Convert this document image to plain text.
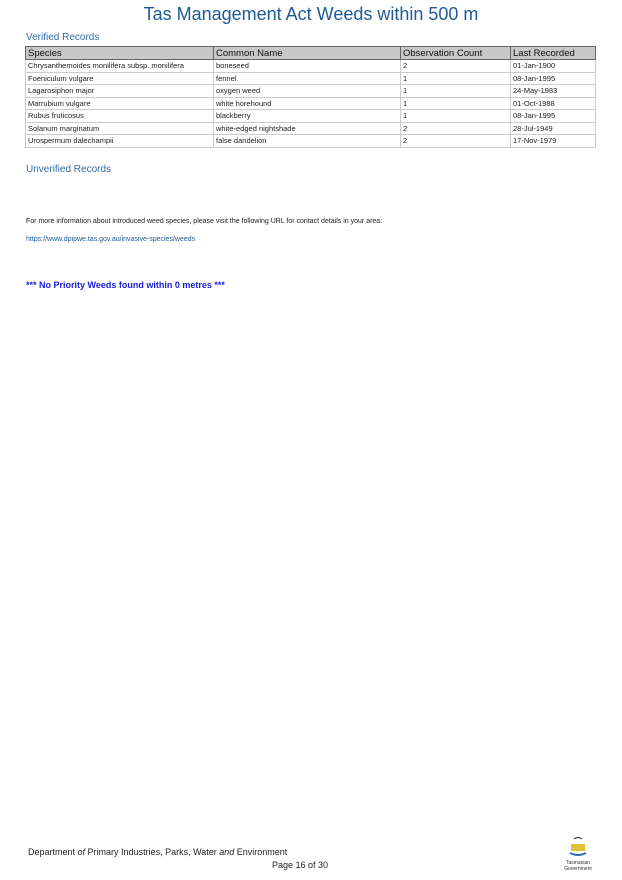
Tas Management Act Weeds within 500 m
Verified Records
Species	Common Name	Observation Count	Last Recorded
Chrysanthemoides monilifera subsp. monilifera	boneseed	2	01-Jan-1900
Foeniculum vulgare	fennel	1	08-Jan-1995
Lagarosiphon major	oxygen weed	1	24-May-1983
Marrubium vulgare	white horehound	1	01-Oct-1988
Rubus fruticosus	blackberry	1	08-Jan-1995
Solanum marginatum	white-edged nightshade	2	28-Jul-1949
Urospermum dalechampii	false dandelion	2	17-Nov-1979
Unverified Records
For more information about introduced weed species, please visit the following URL for contact details in your area:
https://www.dpipwe.tas.gov.au/invasive-species/weeds
*** No Priority Weeds found within 0 metres ***
Department of Primary Industries, Parks, Water and Environment
Page 16 of 30	Tasmanian
Government
